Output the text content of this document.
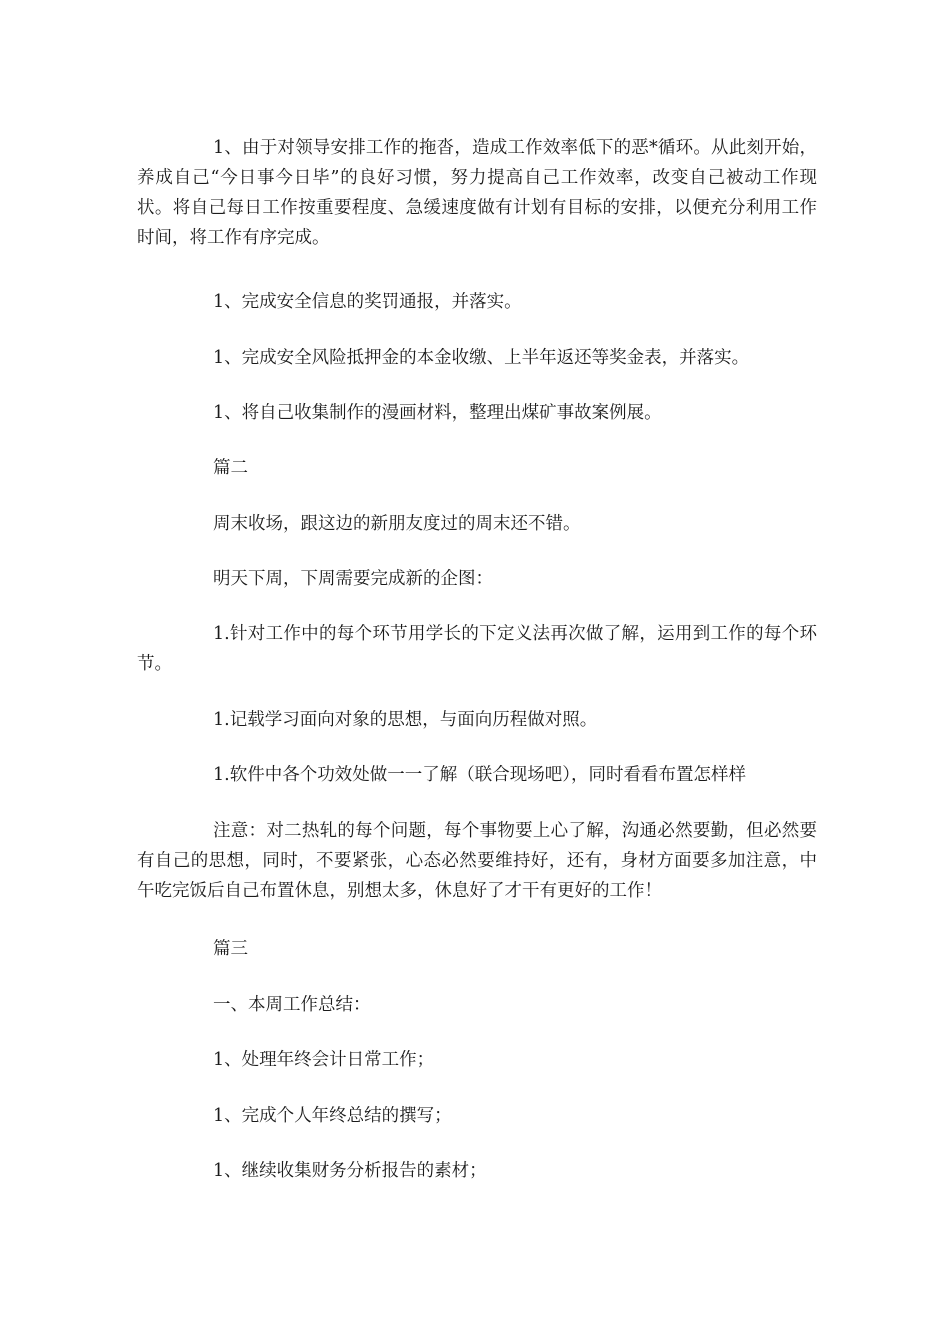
1、由于对领导安排工作的拖沓，造成工作效率低下的恶*循环。从此刻开始，养成自己“今日事今日毕”的良好习惯，努力提高自己工作效率，改变自己被动工作现状。将自己每日工作按重要程度、急缓速度做有计划有目标的安排，以便充分利用工作时间，将工作有序完成。

1、完成安全信息的奖罚通报，并落实。

1、完成安全风险抵押金的本金收缴、上半年返还等奖金表，并落实。

1、将自己收集制作的漫画材料，整理出煤矿事故案例展。

篇二

周末收场，跟这边的新朋友度过的周末还不错。

明天下周，下周需要完成新的企图：

1.针对工作中的每个环节用学长的下定义法再次做了解，运用到工作的每个环节。

1.记载学习面向对象的思想，与面向历程做对照。

1.软件中各个功效处做一一了解（联合现场吧），同时看看布置怎样样

注意：对二热轧的每个问题，每个事物要上心了解，沟通必然要勤，但必然要有自己的思想，同时，不要紧张，心态必然要维持好，还有，身材方面要多加注意，中午吃完饭后自己布置休息，别想太多，休息好了才干有更好的工作！

篇三

一、本周工作总结：

1、处理年终会计日常工作；

1、完成个人年终总结的撰写；

1、继续收集财务分析报告的素材；
